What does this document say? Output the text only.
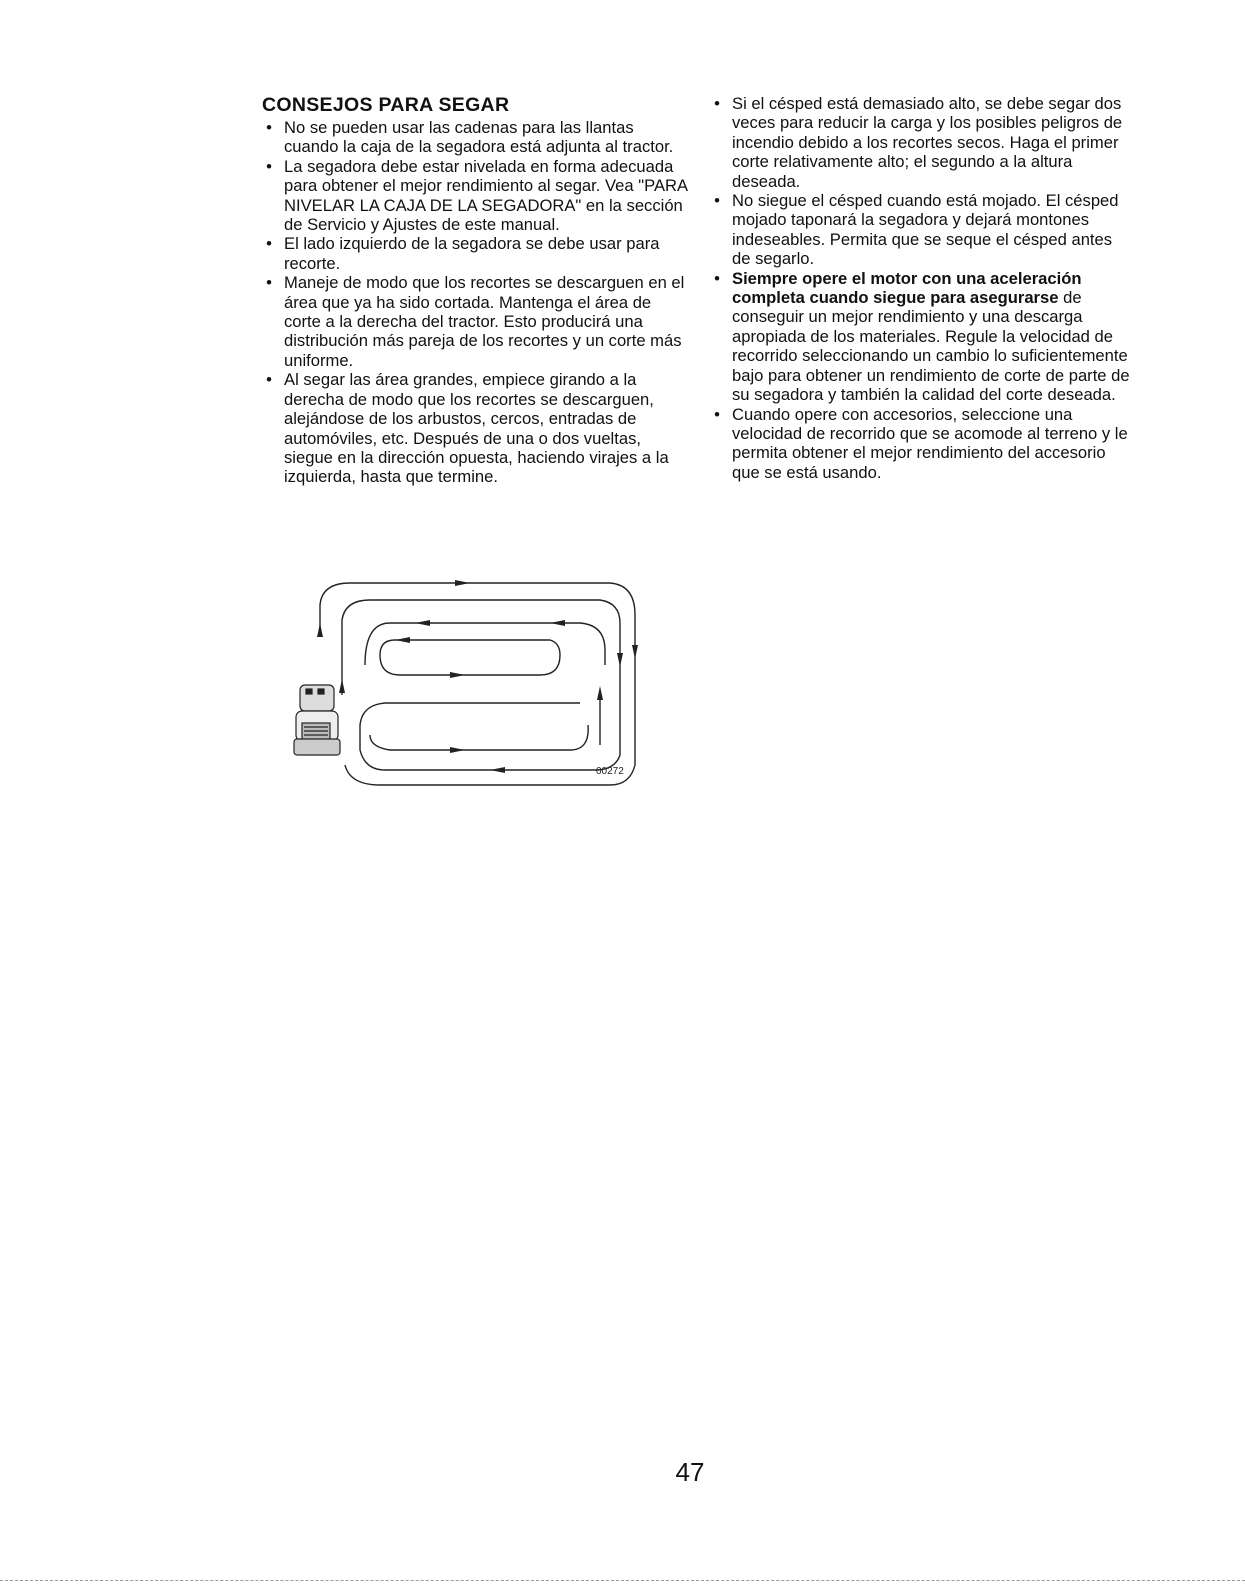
CONSEJOS PARA SEGAR
• No se pueden usar las cadenas para las llantas cuando la caja de la segadora está adjunta al tractor.
• La segadora debe estar nivelada en forma adecuada para obtener el mejor rendimiento al segar. Vea "PARA NIVELAR LA CAJA DE LA SEGADORA" en la sección de Servicio y Ajustes de este manual.
• El lado izquierdo de la segadora se debe usar para recorte.
• Maneje de modo que los recortes se descarguen en el área que ya ha sido cortada. Mantenga el área de corte a la derecha del tractor. Esto producirá una distribución más pareja de los recortes y un corte más uniforme.
• Al segar las área grandes, empiece girando a la derecha de modo que los recortes se descarguen, alejándose de los arbustos, cercos, entradas de automóviles, etc. Después de una o dos vueltas, siegue en la dirección opuesta, haciendo virajes a la izquierda, hasta que termine.
• Si el césped está demasiado alto, se debe segar dos veces para reducir la carga y los posibles peligros de incendio debido a los recortes secos. Haga el primer corte relativamente alto; el segundo a la altura deseada.
• No siegue el césped cuando está mojado. El césped mojado taponará la segadora y dejará montones indeseables. Permita que se seque el césped antes de segarlo.
• Siempre opere el motor con una aceleración completa cuando siegue para asegurarse de conseguir un mejor rendimiento y una descarga apropiada de los materiales. Regule la velocidad de recorrido seleccionando un cambio lo suficientemente bajo para obtener un rendimiento de corte de parte de su segadora y también la calidad del corte deseada.
• Cuando opere con accesorios, seleccione una velocidad de recorrido que se acomode al terreno y le permita obtener el mejor rendimiento del accesorio que se está usando.
00272
47
